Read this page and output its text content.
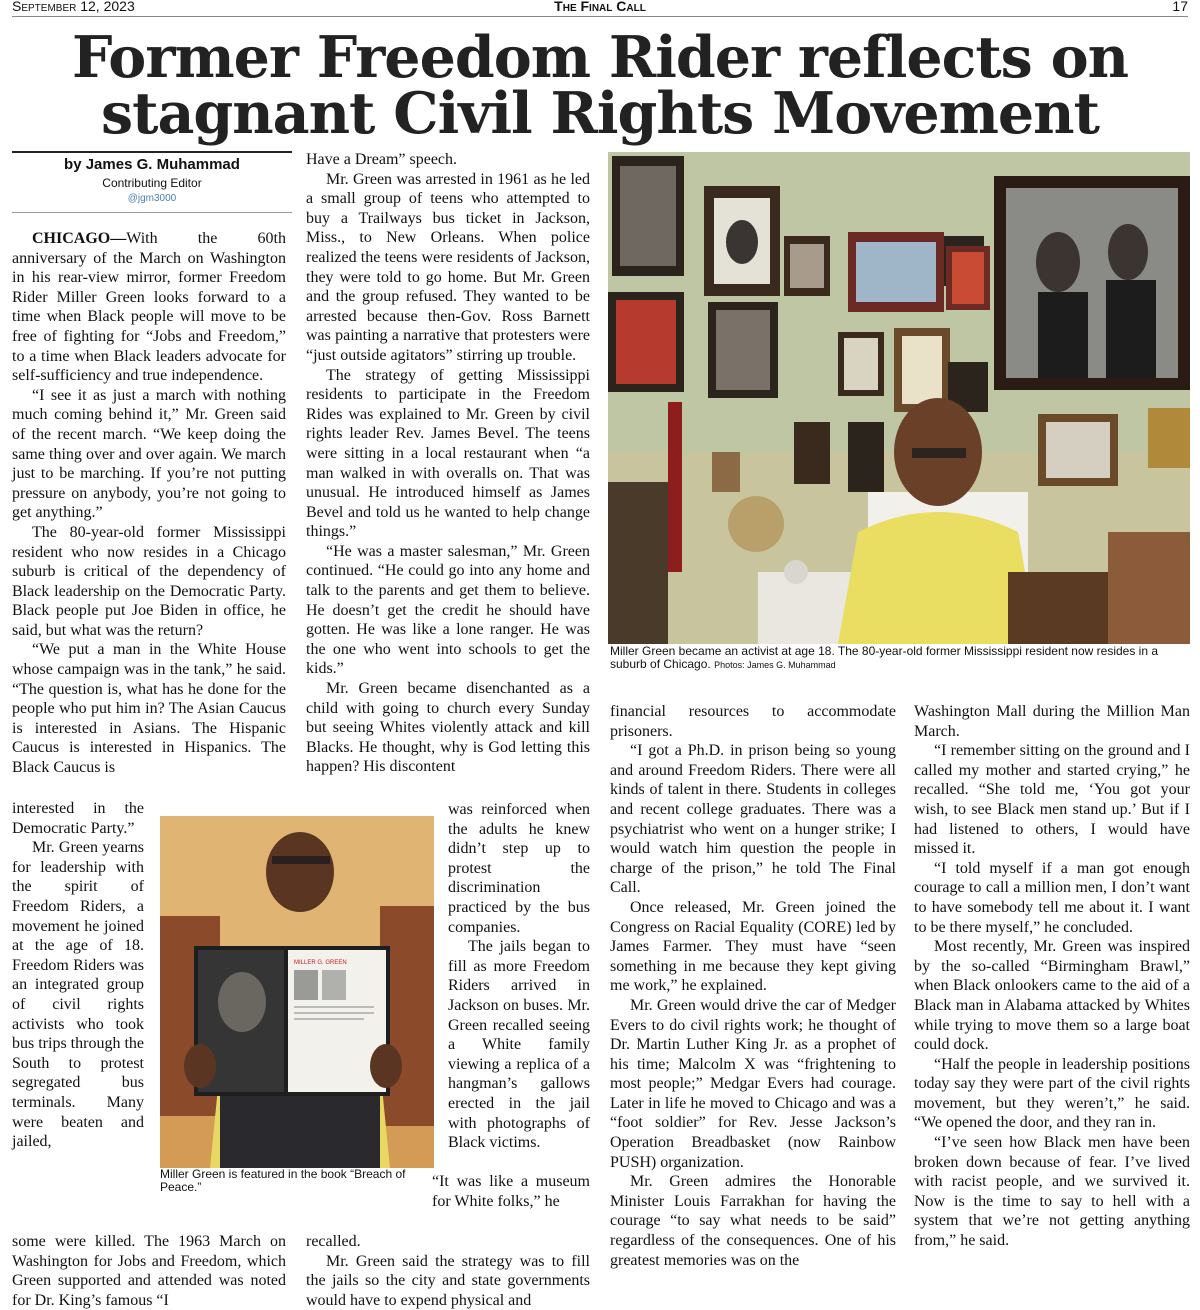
September 12, 2023	The Final Call	17
Former Freedom Rider reflects on
stagnant Civil Rights Movement
by James G. Muhammad
Contributing Editor
@jgm3000

CHICAGO—With the 60th anniversary of the March on Washington in his rear-view mirror, former Freedom Rider Miller Green looks forward to a time when Black people will move to be free of fighting for “Jobs and Freedom,” to a time when Black leaders advocate for self-sufficiency and true independence.

“I see it as just a march with nothing much coming behind it,” Mr. Green said of the recent march. “We keep doing the same thing over and over again. We march just to be marching. If you’re not putting pressure on anybody, you’re not going to get anything.”

The 80-year-old former Mississippi resident who now resides in a Chicago suburb is critical of the dependency of Black leadership on the Democratic Party. Black people put Joe Biden in office, he said, but what was the return?

“We put a man in the White House whose campaign was in the tank,” he said. “The question is, what has he done for the people who put him in? The Asian Caucus is interested in Asians. The Hispanic Caucus is interested in Hispanics. The Black Caucus is

interested in the Democratic Party.”

Mr. Green yearns for leadership with the spirit of Freedom Riders, a movement he joined at the age of 18. Freedom Riders was an integrated group of civil rights activists who took bus trips through the South to protest segregated bus terminals. Many were beaten and jailed,

some were killed. The 1963 March on Washington for Jobs and Freedom, which Green supported and attended was noted for Dr. King’s famous “I

Have a Dream” speech.

Mr. Green was arrested in 1961 as he led a small group of teens who attempted to buy a Trailways bus ticket in Jackson, Miss., to New Orleans. When police realized the teens were residents of Jackson, they were told to go home. But Mr. Green and the group refused. They wanted to be arrested because then-Gov. Ross Barnett was painting a narrative that protesters were “just outside agitators” stirring up trouble.

The strategy of getting Mississippi residents to participate in the Freedom Rides was explained to Mr. Green by civil rights leader Rev. James Bevel. The teens were sitting in a local restaurant when “a man walked in with overalls on. That was unusual. He introduced himself as James Bevel and told us he wanted to help change things.”

“He was a master salesman,” Mr. Green continued. “He could go into any home and talk to the parents and get them to believe. He doesn’t get the credit he should have gotten. He was like a lone ranger. He was the one who went into schools to get the kids.”

Mr. Green became disenchanted as a child with going to church every Sunday but seeing Whites violently attack and kill Blacks. He thought, why is God letting this happen? His discontent

was reinforced when the adults he knew didn’t step up to protest the discrimination practiced by the bus companies.

The jails began to fill as more Freedom Riders arrived in Jackson on buses. Mr. Green recalled seeing a White family viewing a replica of a hangman’s gallows erected in the jail with photographs of Black victims.

“It was like a museum for White folks,” he

recalled.

Mr. Green said the strategy was to fill the jails so the city and state governments would have to expend physical and

financial resources to accommodate prisoners.

“I got a Ph.D. in prison being so young and around Freedom Riders. There were all kinds of talent in there. Students in colleges and recent college graduates. There was a psychiatrist who went on a hunger strike; I would watch him question the people in charge of the prison,” he told The Final Call.

Once released, Mr. Green joined the Congress on Racial Equality (CORE) led by James Farmer. They must have “seen something in me because they kept giving me work,” he explained.

Mr. Green would drive the car of Medger Evers to do civil rights work; he thought of Dr. Martin Luther King Jr. as a prophet of his time; Malcolm X was “frightening to most people;” Medgar Evers had courage. Later in life he moved to Chicago and was a “foot soldier” for Rev. Jesse Jackson’s Operation Breadbasket (now Rainbow PUSH) organization.

Mr. Green admires the Honorable Minister Louis Farrakhan for having the courage “to say what needs to be said” regardless of the consequences. One of his greatest memories was on the

Washington Mall during the Million Man March.

“I remember sitting on the ground and I called my mother and started crying,” he recalled. “She told me, ‘You got your wish, to see Black men stand up.’ But if I had listened to others, I would have missed it.

“I told myself if a man got enough courage to call a million men, I don’t want to have somebody tell me about it. I want to be there myself,” he concluded.

Most recently, Mr. Green was inspired by the so-called “Birmingham Brawl,” when Black onlookers came to the aid of a Black man in Alabama attacked by Whites while trying to move them so a large boat could dock.

“Half the people in leadership positions today say they were part of the civil rights movement, but they weren’t,” he said. “We opened the door, and they ran in.

“I’ve seen how Black men have been broken down because of fear. I’ve lived with racist people, and we survived it. Now is the time to say to hell with a system that we’re not getting anything from,” he said.

Miller Green became an activist at age 18. The 80-year-old former Mississippi resident now resides in a suburb of Chicago. Photos: James G. Muhammad
MILLER G. GREEN
Miller Green is featured in the book “Breach of Peace.”
